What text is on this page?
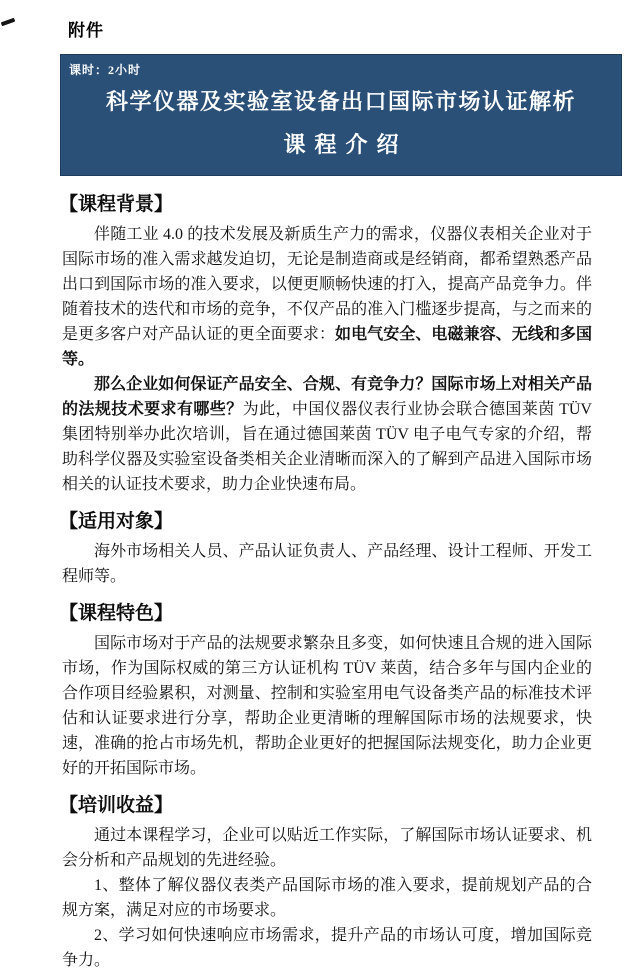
附件
课时：2小时
科学仪器及实验室设备出口国际市场认证解析
课程介绍
【课程背景】

伴随工业 4.0 的技术发展及新质生产力的需求，仪器仪表相关企业对于国际市场的准入需求越发迫切，无论是制造商或是经销商，都希望熟悉产品出口到国际市场的准入要求，以便更顺畅快速的打入，提高产品竞争力。伴随着技术的迭代和市场的竞争，不仅产品的准入门槛逐步提高，与之而来的是更多客户对产品认证的更全面要求：如电气安全、电磁兼容、无线和多国等。

那么企业如何保证产品安全、合规、有竞争力？国际市场上对相关产品的法规技术要求有哪些？为此，中国仪器仪表行业协会联合德国莱茵 TÜV 集团特别举办此次培训，旨在通过德国莱茵 TÜV 电子电气专家的介绍，帮助科学仪器及实验室设备类相关企业清晰而深入的了解到产品进入国际市场相关的认证技术要求，助力企业快速布局。

【适用对象】

海外市场相关人员、产品认证负责人、产品经理、设计工程师、开发工程师等。

【课程特色】

国际市场对于产品的法规要求繁杂且多变，如何快速且合规的进入国际市场，作为国际权威的第三方认证机构 TÜV 莱茵，结合多年与国内企业的合作项目经验累积，对测量、控制和实验室用电气设备类产品的标准技术评估和认证要求进行分享，帮助企业更清晰的理解国际市场的法规要求，快速，准确的抢占市场先机，帮助企业更好的把握国际法规变化，助力企业更好的开拓国际市场。

【培训收益】

通过本课程学习，企业可以贴近工作实际，了解国际市场认证要求、机会分析和产品规划的先进经验。

1、整体了解仪器仪表类产品国际市场的准入要求，提前规划产品的合规方案，满足对应的市场要求。

2、学习如何快速响应市场需求，提升产品的市场认可度，增加国际竞争力。
